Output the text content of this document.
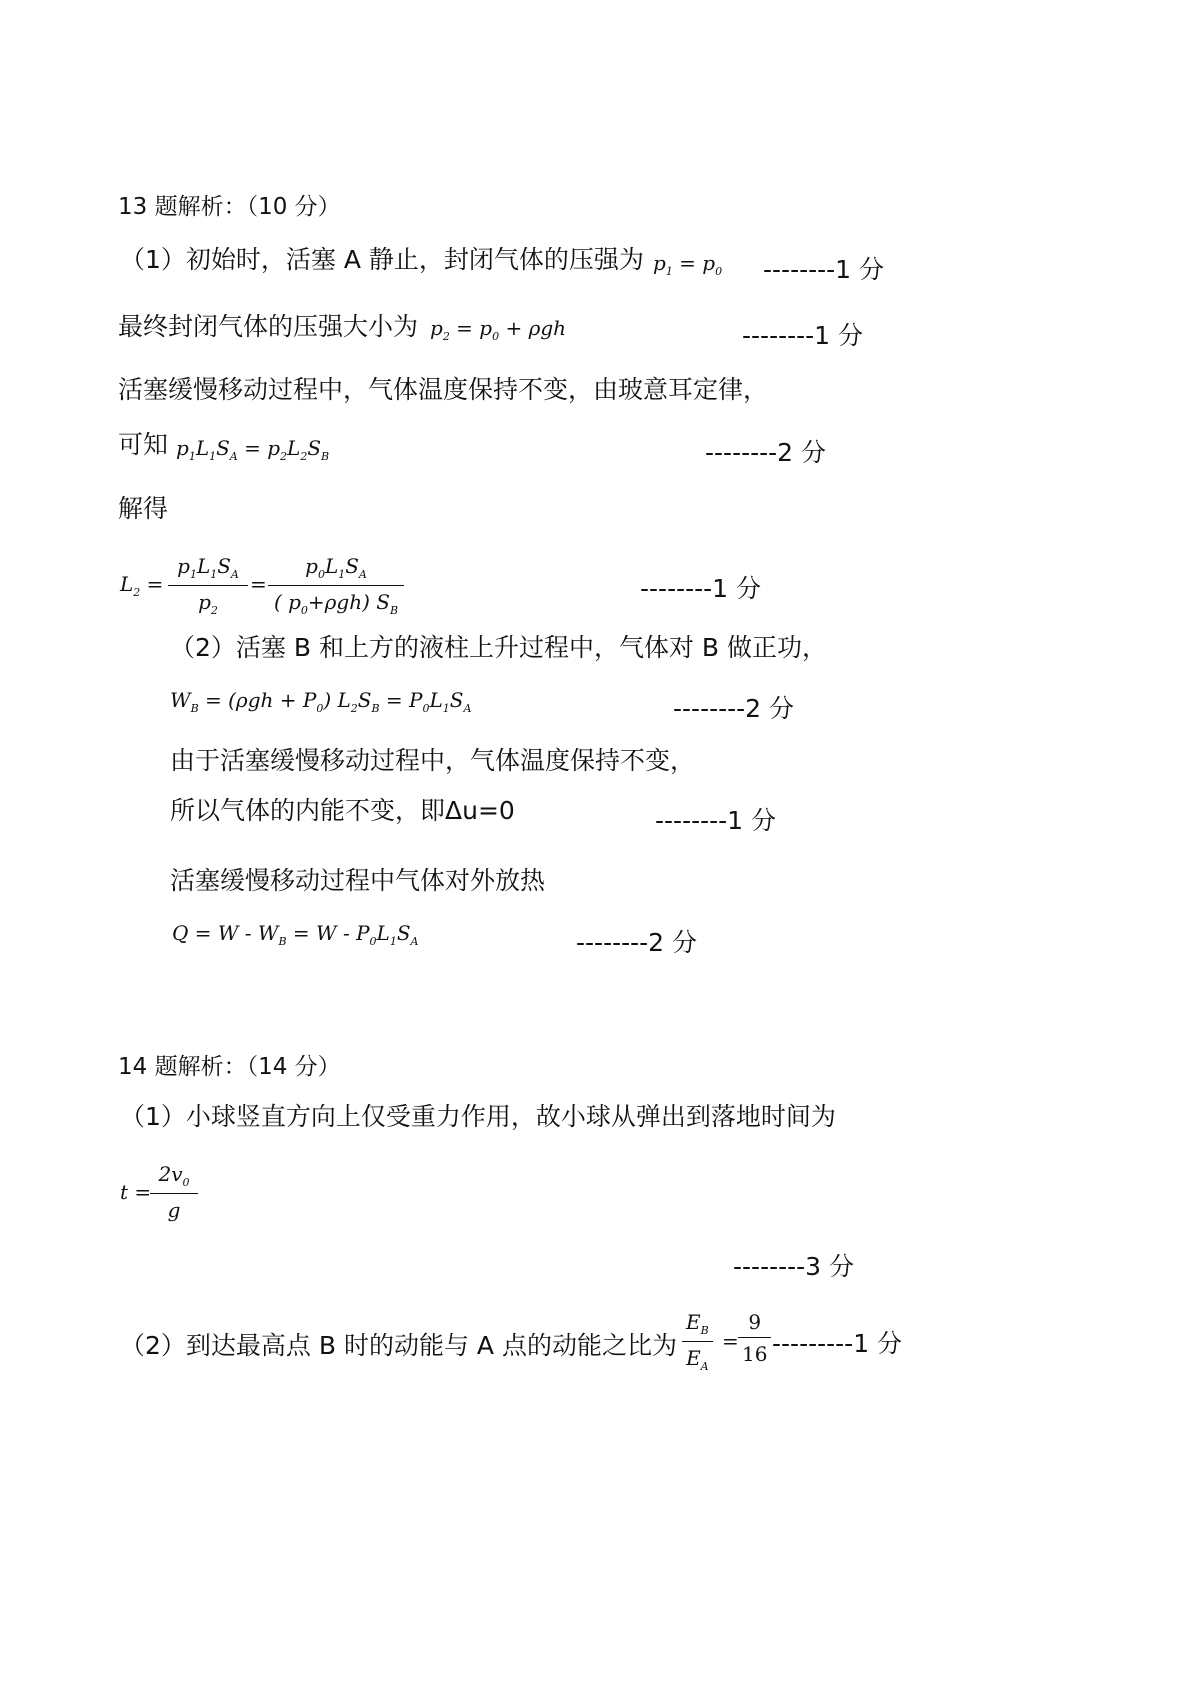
13 题解析：（10 分）
（1）初始时，活塞 A 静止，封闭气体的压强为 $p_1 = p_0$ --------1 分
最终封闭气体的压强大小为 $p_2 = p_0 + \rho gh$	--------1 分
活塞缓慢移动过程中，气体温度保持不变，由玻意耳定律，
可知 $p_1L_1S_A = p_2L_2S_B$	--------2 分
解得
$L_2 = \frac{p_1L_1S_A}{p_2}$ =
$p_0L_1S_A$
( $p_0+\rho gh$) $S_B$
--------1 分
（2）活塞 B 和上方的液柱上升过程中，气体对 B 做正功，
$W_B = (\rho gh + P_0) L_2S_B = P_0L_1S_A$	--------2 分
由于活塞缓慢移动过程中，气体温度保持不变，
所以气体的内能不变，即Δu=0	--------1 分
活塞缓慢移动过程中气体对外放热
$Q = W - W_B = W - P_0L_1S_A$	--------2 分
14 题解析：（14 分）
（1）小球竖直方向上仅受重力作用，故小球从弹出到落地时间为
t =
$\frac{2v_0}{g}$
--------3 分
（2）到达最高点 B 时的动能与 A 点的动能之比为 $\frac{E_B}{E_A} = \frac{9}{16} ---------1$ 分
